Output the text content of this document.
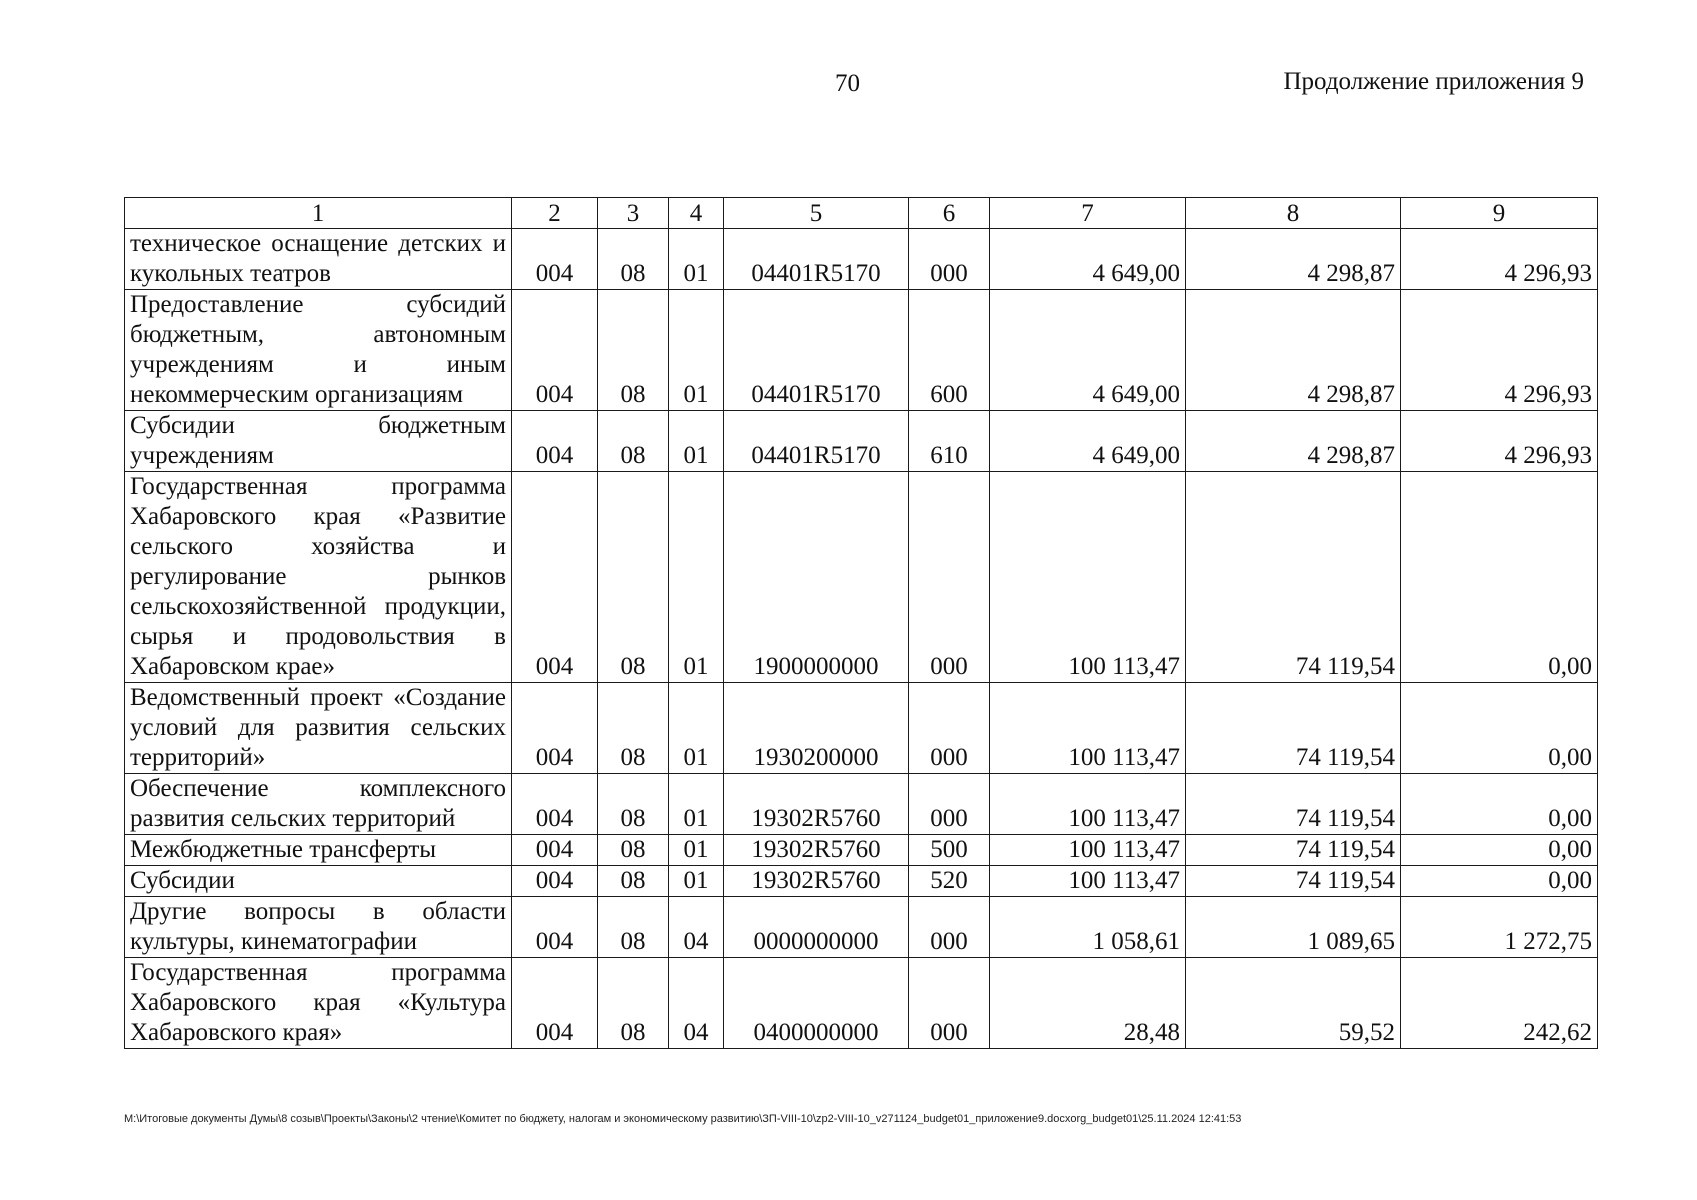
70	Продолжение приложения 9
1	2	3	4	5	6	7	8	9
техническое оснащение детских и кукольных театров	004	08	01	04401R5170	000	4 649,00	4 298,87	4 296,93
Предоставление субсидий бюджетным, автономным учреждениям и иным некоммерческим организациям	004	08	01	04401R5170	600	4 649,00	4 298,87	4 296,93
Субсидии бюджетным учреждениям	004	08	01	04401R5170	610	4 649,00	4 298,87	4 296,93
Государственная программа Хабаровского края «Развитие сельского хозяйства и регулирование рынков сельскохозяйственной продукции, сырья и продовольствия в Хабаровском крае»	004	08	01	1900000000	000	100 113,47	74 119,54	0,00
Ведомственный проект «Создание условий для развития сельских территорий»	004	08	01	1930200000	000	100 113,47	74 119,54	0,00
Обеспечение комплексного развития сельских территорий	004	08	01	19302R5760	000	100 113,47	74 119,54	0,00
Межбюджетные трансферты	004	08	01	19302R5760	500	100 113,47	74 119,54	0,00
Субсидии	004	08	01	19302R5760	520	100 113,47	74 119,54	0,00
Другие вопросы в области культуры, кинематографии	004	08	04	0000000000	000	1 058,61	1 089,65	1 272,75
Государственная программа Хабаровского края «Культура Хабаровского края»	004	08	04	0400000000	000	28,48	59,52	242,62
M:\Итоговые документы Думы\8 созыв\Проекты\Законы\2 чтение\Комитет по бюджету, налогам и экономическому развитию\ЗП-VIII-10\zp2-VIII-10_v271124_budget01_приложение9.docxorg_budget01\25.11.2024 12:41:53
